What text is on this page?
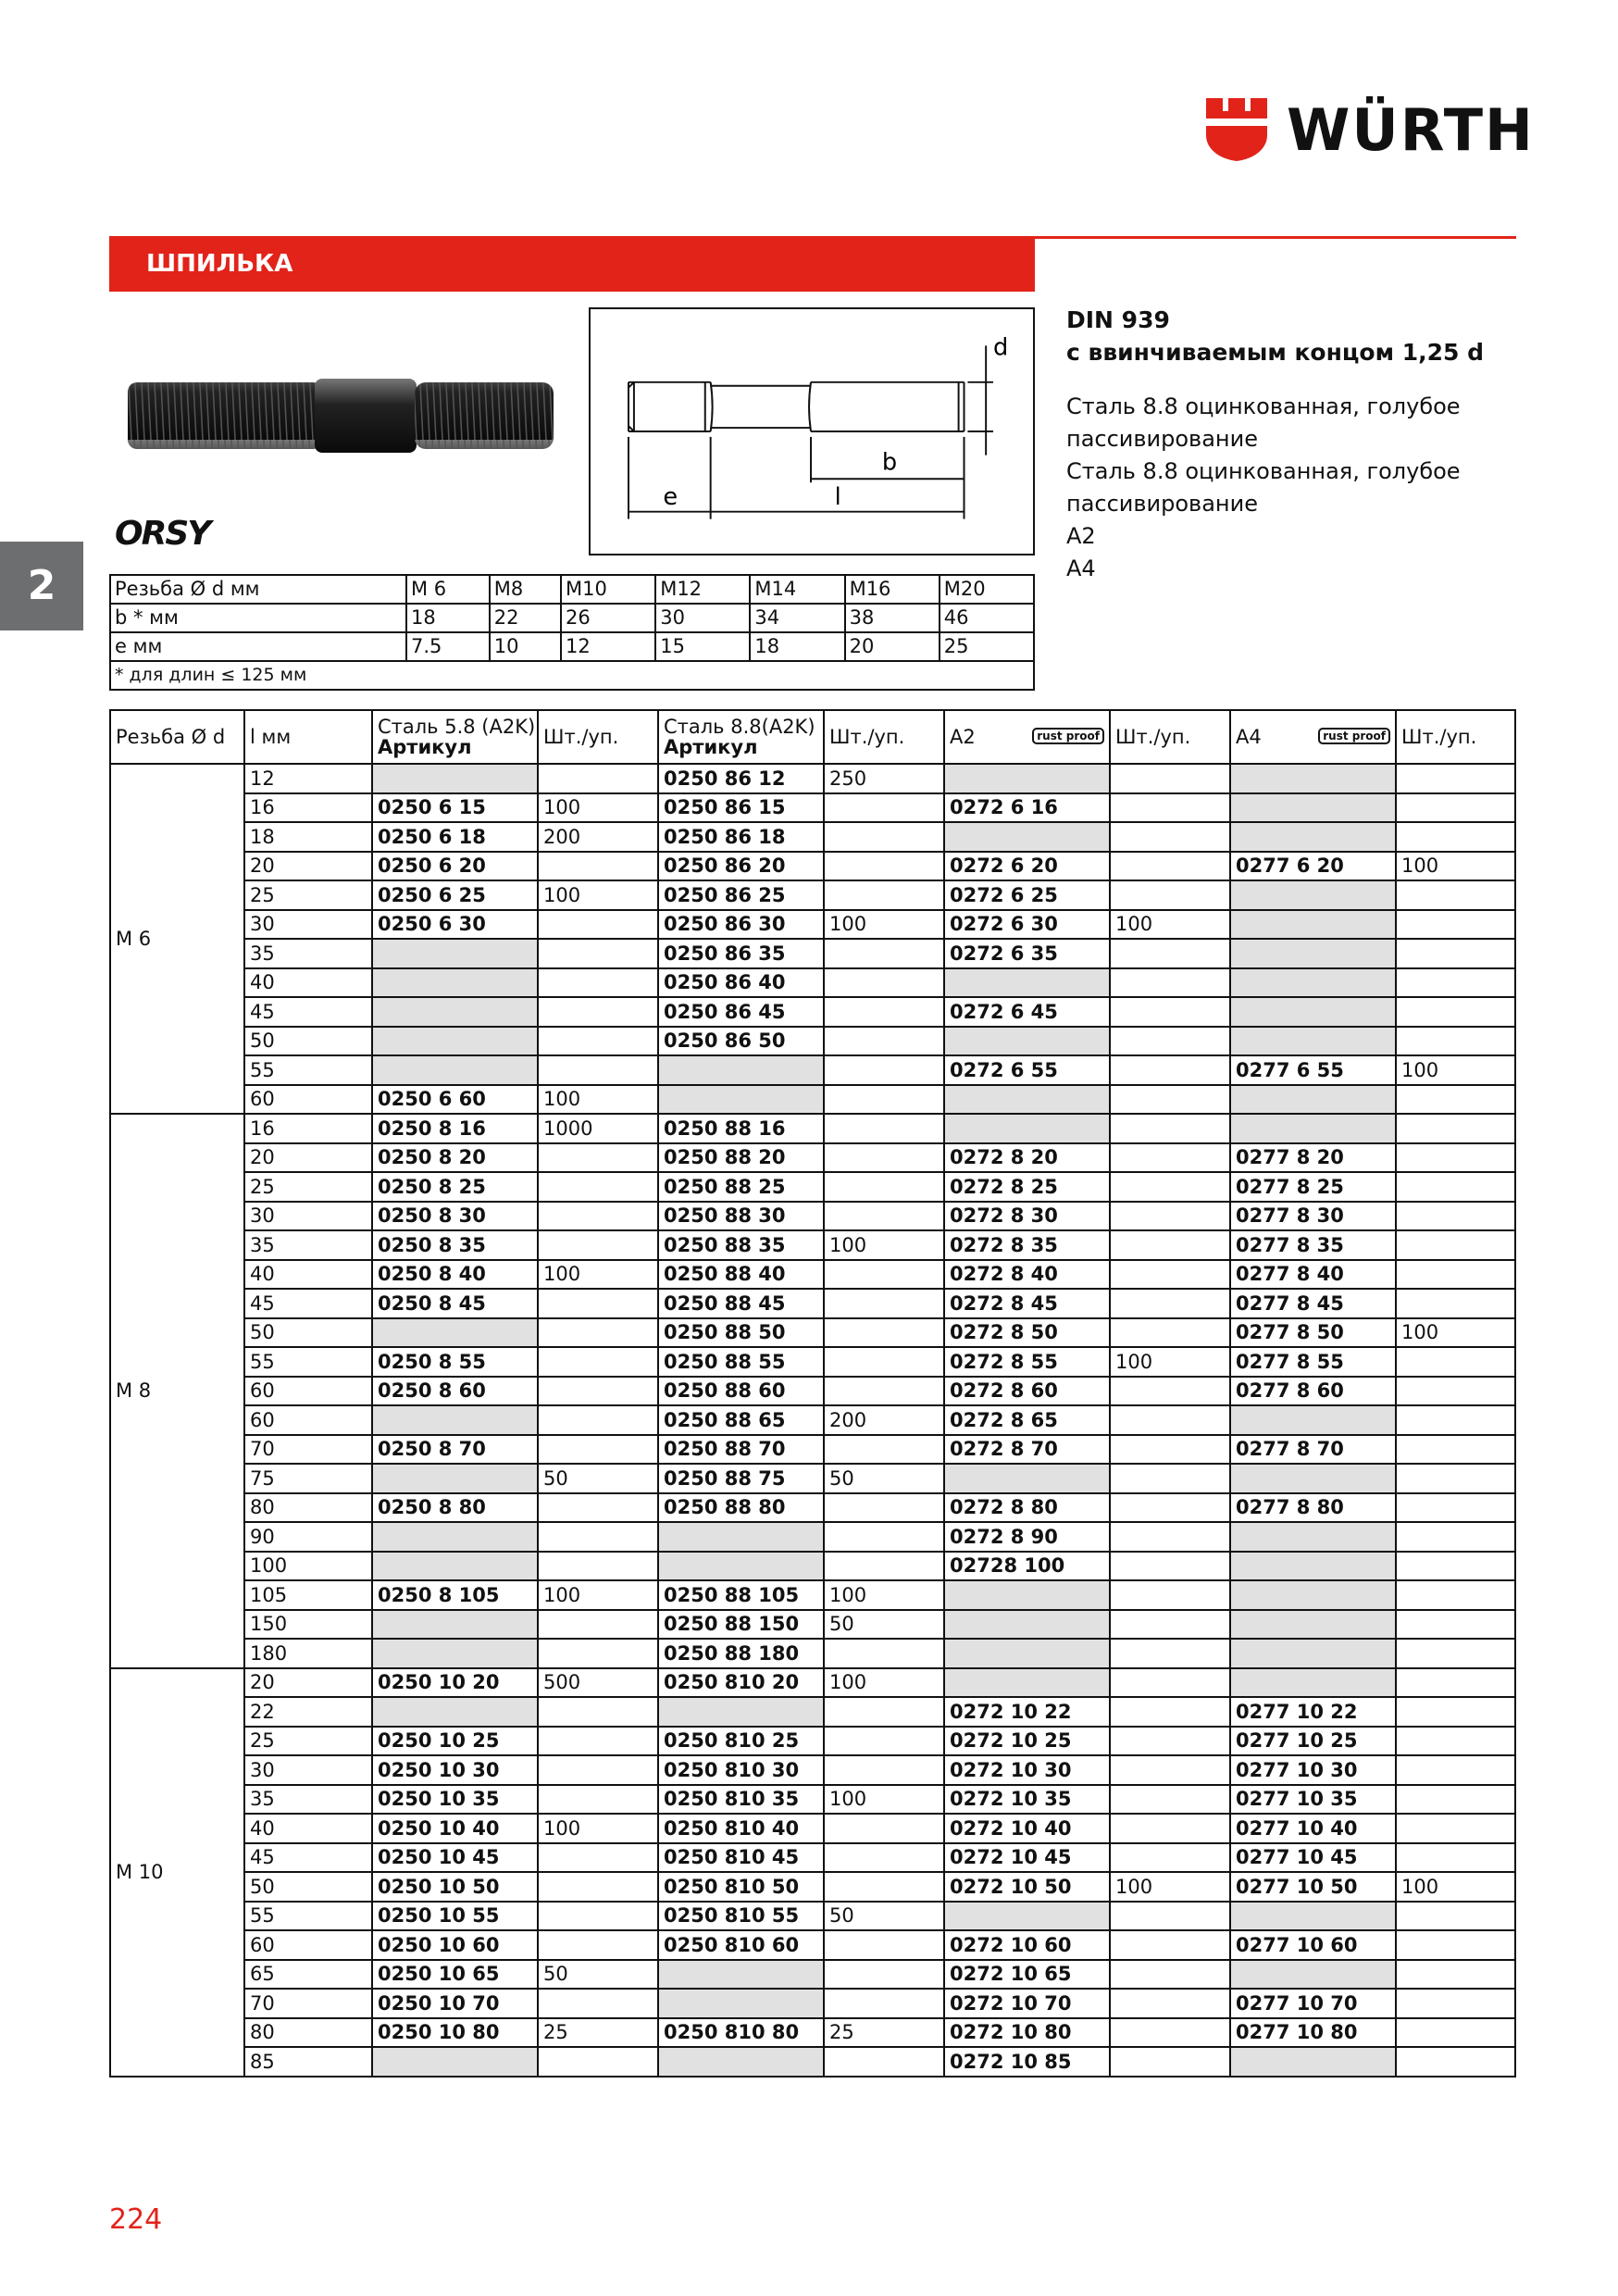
WÜRTH
ШПИЛЬКА
2
ORSY
e	l
b
d
DIN 939
с ввинчиваемым концом 1,25 d
Сталь 8.8 оцинкованная, голубое пассивирование
Сталь 8.8 оцинкованная, голубое пассивирование
A2
A4
Резьба Ø d мм	M 6	M8	M10	M12	M14	M16	M20
b * мм	18	22	26	30	34	38	46
e мм	7.5	10	12	15	18	20	25
* для длин ≤ 125 мм							
Резьба Ø d	l мм	Сталь 5.8 (A2K)
Артикул	Шт./уп.	Сталь 8.8(A2K)
Артикул	Шт./уп.	A2 rust proof	Шт./уп.	A4 rust proof	Шт./уп.
M 6	12			0250 86 12	250				
	16	0250 6 15	100	0250 86 15		0272 6 16			
	18	0250 6 18	200	0250 86 18					
	20	0250 6 20		0250 86 20		0272 6 20		0277 6 20	100
	25	0250 6 25	100	0250 86 25		0272 6 25			
	30	0250 6 30		0250 86 30	100	0272 6 30	100		
	35			0250 86 35		0272 6 35			
	40			0250 86 40					
	45			0250 86 45		0272 6 45			
	50			0250 86 50					
	55					0272 6 55		0277 6 55	100
	60	0250 6 60	100						
M 8	16	0250 8 16	1000	0250 88 16					
	20	0250 8 20		0250 88 20		0272 8 20		0277 8 20	
	25	0250 8 25		0250 88 25		0272 8 25		0277 8 25	
	30	0250 8 30		0250 88 30		0272 8 30		0277 8 30	
	35	0250 8 35		0250 88 35	100	0272 8 35		0277 8 35	
	40	0250 8 40	100	0250 88 40		0272 8 40		0277 8 40	
	45	0250 8 45		0250 88 45		0272 8 45		0277 8 45	
	50			0250 88 50		0272 8 50		0277 8 50	100
	55	0250 8 55		0250 88 55		0272 8 55	100	0277 8 55	
	60	0250 8 60		0250 88 60		0272 8 60		0277 8 60	
	60			0250 88 65	200	0272 8 65			
	70	0250 8 70		0250 88 70		0272 8 70		0277 8 70	
	75		50	0250 88 75	50				
	80	0250 8 80		0250 88 80		0272 8 80		0277 8 80	
	90					0272 8 90			
	100					02728 100			
	105	0250 8 105	100	0250 88 105	100				
	150			0250 88 150	50				
	180			0250 88 180					
M 10	20	0250 10 20	500	0250 810 20	100				
	22					0272 10 22		0277 10 22	
	25	0250 10 25		0250 810 25		0272 10 25		0277 10 25	
	30	0250 10 30		0250 810 30		0272 10 30		0277 10 30	
	35	0250 10 35		0250 810 35	100	0272 10 35		0277 10 35	
	40	0250 10 40	100	0250 810 40		0272 10 40		0277 10 40	
	45	0250 10 45		0250 810 45		0272 10 45		0277 10 45	
	50	0250 10 50		0250 810 50		0272 10 50	100	0277 10 50	100
	55	0250 10 55		0250 810 55	50				
	60	0250 10 60		0250 810 60		0272 10 60		0277 10 60	
	65	0250 10 65	50			0272 10 65			
	70	0250 10 70				0272 10 70		0277 10 70	
	80	0250 10 80	25	0250 810 80	25	0272 10 80		0277 10 80	
	85					0272 10 85			
224
